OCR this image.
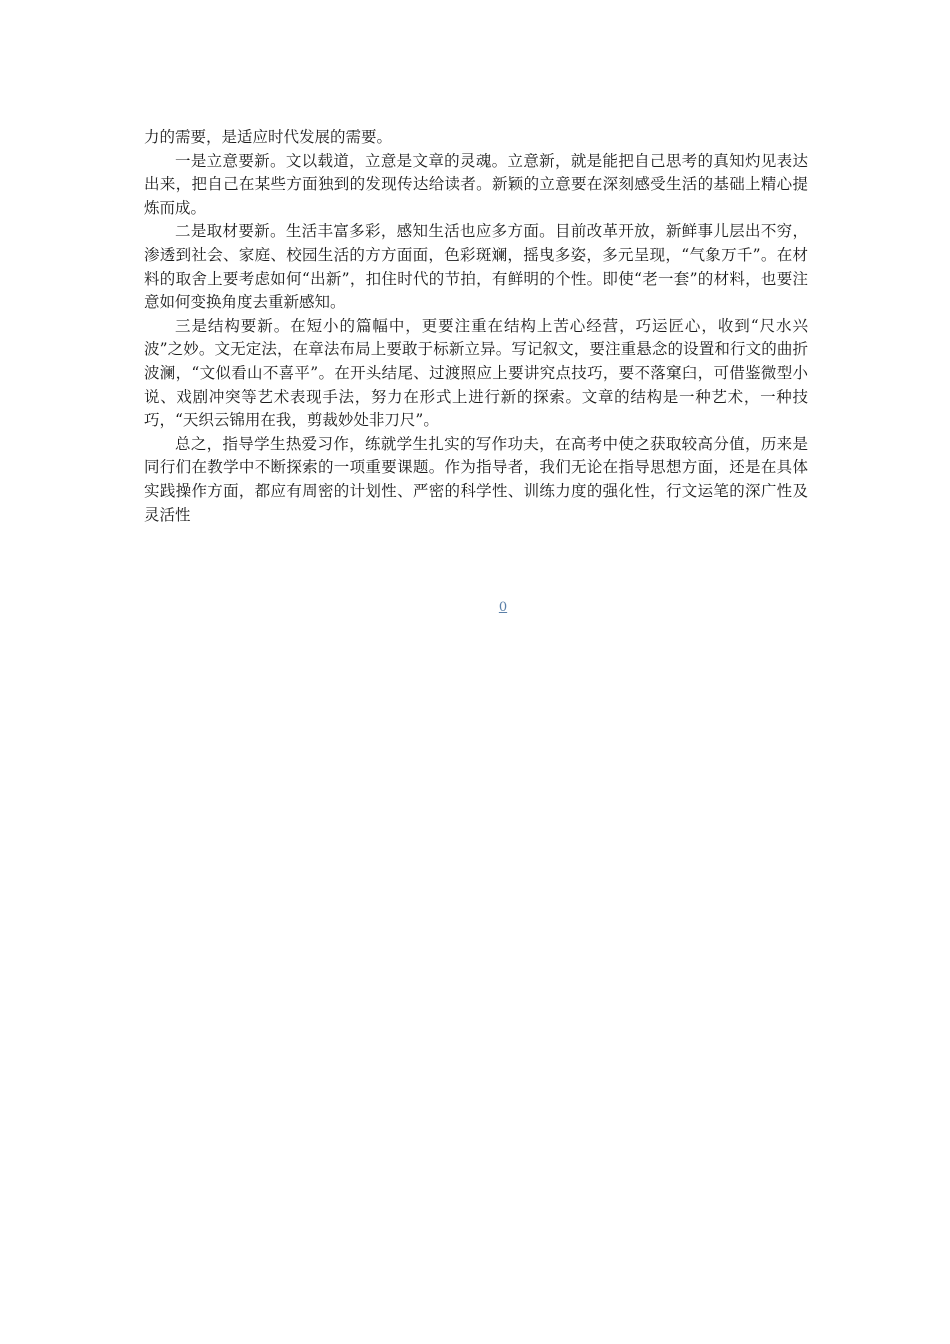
力的需要，是适应时代发展的需要。

一是立意要新。文以载道，立意是文章的灵魂。立意新，就是能把自己思考的真知灼见表达出来，把自己在某些方面独到的发现传达给读者。新颖的立意要在深刻感受生活的基础上精心提炼而成。

二是取材要新。生活丰富多彩，感知生活也应多方面。目前改革开放，新鲜事儿层出不穷，渗透到社会、家庭、校园生活的方方面面，色彩斑斓，摇曳多姿，多元呈现，“气象万千”。在材料的取舍上要考虑如何“出新”，扣住时代的节拍，有鲜明的个性。即使“老一套”的材料，也要注意如何变换角度去重新感知。

三是结构要新。在短小的篇幅中，更要注重在结构上苦心经营，巧运匠心，收到“尺水兴波”之妙。文无定法，在章法布局上要敢于标新立异。写记叙文，要注重悬念的设置和行文的曲折波澜，“文似看山不喜平”。在开头结尾、过渡照应上要讲究点技巧，要不落窠臼，可借鉴微型小说、戏剧冲突等艺术表现手法，努力在形式上进行新的探索。文章的结构是一种艺术，一种技巧，“天织云锦用在我，剪裁妙处非刀尺”。

总之，指导学生热爱习作，练就学生扎实的写作功夫，在高考中使之获取较高分值，历来是同行们在教学中不断探索的一项重要课题。作为指导者，我们无论在指导思想方面，还是在具体实践操作方面，都应有周密的计划性、严密的科学性、训练力度的强化性，行文运笔的深广性及灵活性

0
